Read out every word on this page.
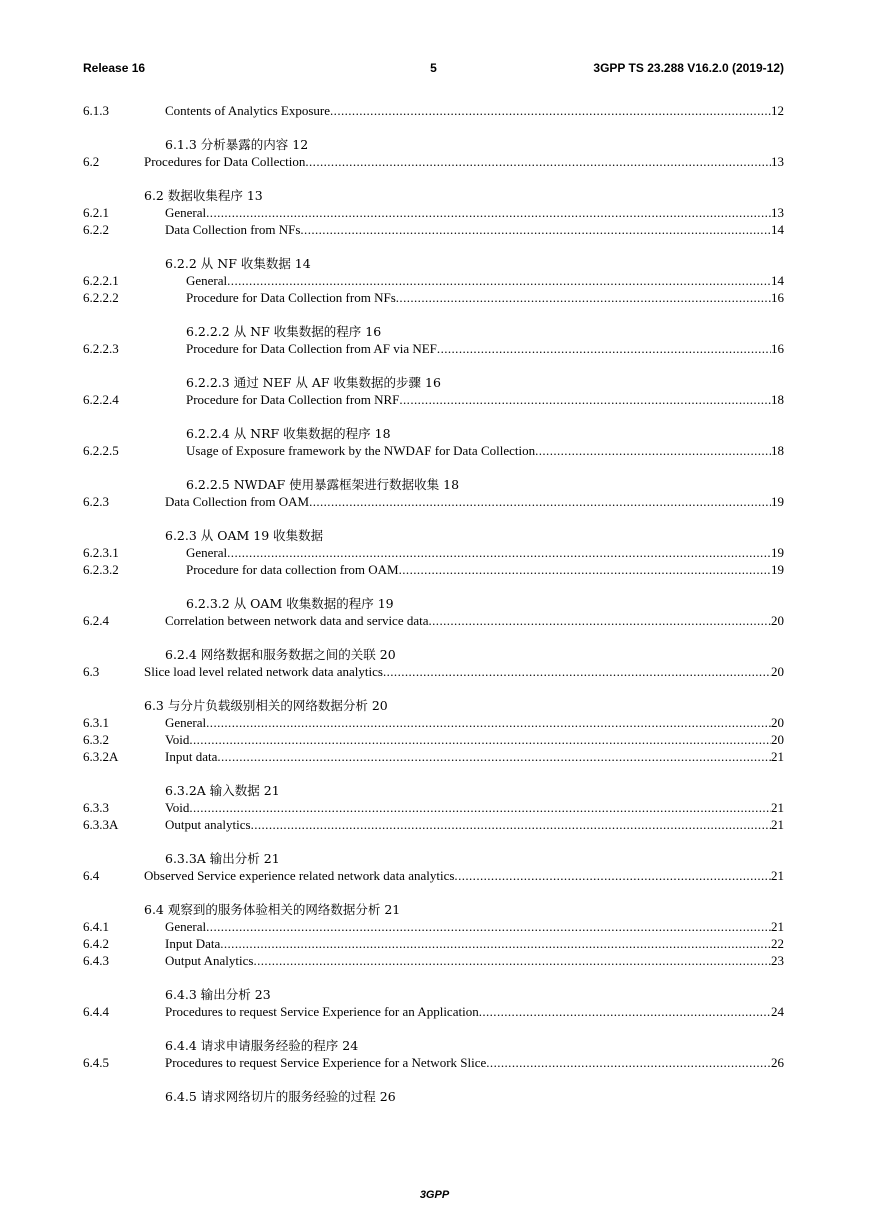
Release 16	5	3GPP TS 23.288 V16.2.0 (2019-12)
6.1.3	Contents of Analytics Exposure .....	12
6.1.3 分析暴露的内容 12
6.2	Procedures for Data Collection .....	13
6.2 数据收集程序 13
6.2.1	General .....	13
6.2.2	Data Collection from NFs .....	14
6.2.2 从 NF 收集数据 14
6.2.2.1	General .....	14
6.2.2.2	Procedure for Data Collection from NFs .....	16
6.2.2.2 从 NF 收集数据的程序 16
6.2.2.3	Procedure for Data Collection from AF via NEF .....	16
6.2.2.3 通过 NEF 从 AF 收集数据的步骤 16
6.2.2.4	Procedure for Data Collection from NRF .....	18
6.2.2.4 从 NRF 收集数据的程序 18
6.2.2.5	Usage of Exposure framework by the NWDAF for Data Collection .....	18
6.2.2.5 NWDAF 使用暴露框架进行数据收集 18
6.2.3	Data Collection from OAM .....	19
6.2.3 从 OAM 19 收集数据
6.2.3.1	General .....	19
6.2.3.2	Procedure for data collection from OAM .....	19
6.2.3.2 从 OAM 收集数据的程序 19
6.2.4	Correlation between network data and service data .....	20
6.2.4 网络数据和服务数据之间的关联 20
6.3	Slice load level related network data analytics .....	20
6.3 与分片负载级别相关的网络数据分析 20
6.3.1	General .....	20
6.3.2	Void .....	20
6.3.2A	Input data .....	21
6.3.2A 输入数据 21
6.3.3	Void .....	21
6.3.3A	Output analytics .....	21
6.3.3A 输出分析 21
6.4	Observed Service experience related network data analytics .....	21
6.4 观察到的服务体验相关的网络数据分析 21
6.4.1	General .....	21
6.4.2	Input Data .....	22
6.4.3	Output Analytics .....	23
6.4.3 输出分析 23
6.4.4	Procedures to request Service Experience for an Application .....	24
6.4.4 请求申请服务经验的程序 24
6.4.5	Procedures to request Service Experience for a Network Slice .....	26
6.4.5 请求网络切片的服务经验的过程 26
3GPP
